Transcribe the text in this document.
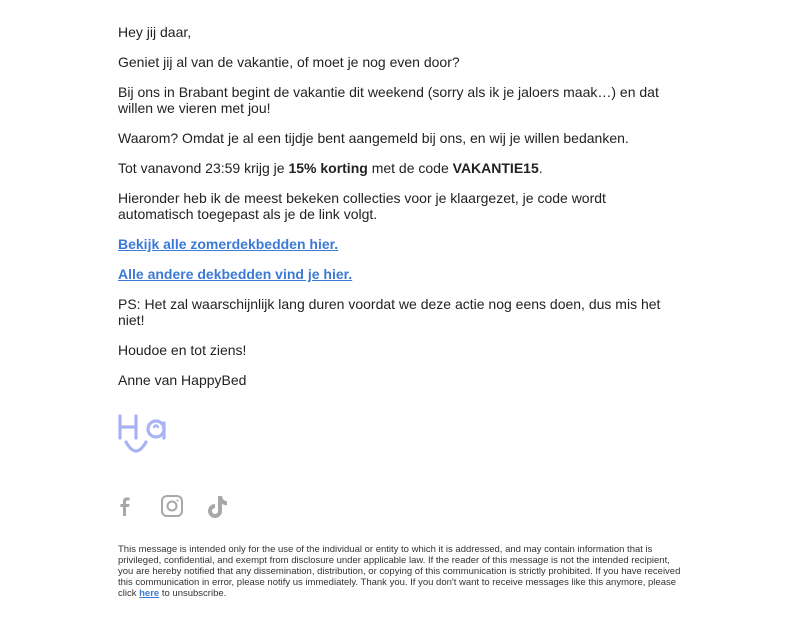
Hey jij daar,

Geniet jij al van de vakantie, of moet je nog even door?

Bij ons in Brabant begint de vakantie dit weekend (sorry als ik je jaloers maak…) en dat willen we vieren met jou!

Waarom? Omdat je al een tijdje bent aangemeld bij ons, en wij je willen bedanken.

Tot vanavond 23:59 krijg je 15% korting met de code VAKANTIE15.

Hieronder heb ik de meest bekeken collecties voor je klaargezet, je code wordt automatisch toegepast als je de link volgt.

Bekijk alle zomerdekbedden hier.

Alle andere dekbedden vind je hier.

PS: Het zal waarschijnlijk lang duren voordat we deze actie nog eens doen, dus mis het niet!

Houdoe en tot ziens!

Anne van HappyBed

This message is intended only for the use of the individual or entity to which it is addressed, and may contain information that is privileged, confidential, and exempt from disclosure under applicable law. If the reader of this message is not the intended recipient, you are hereby notified that any dissemination, distribution, or copying of this communication is strictly prohibited. If you have received this communication in error, please notify us immediately. Thank you. If you don't want to receive messages like this anymore, please click here to unsubscribe.
